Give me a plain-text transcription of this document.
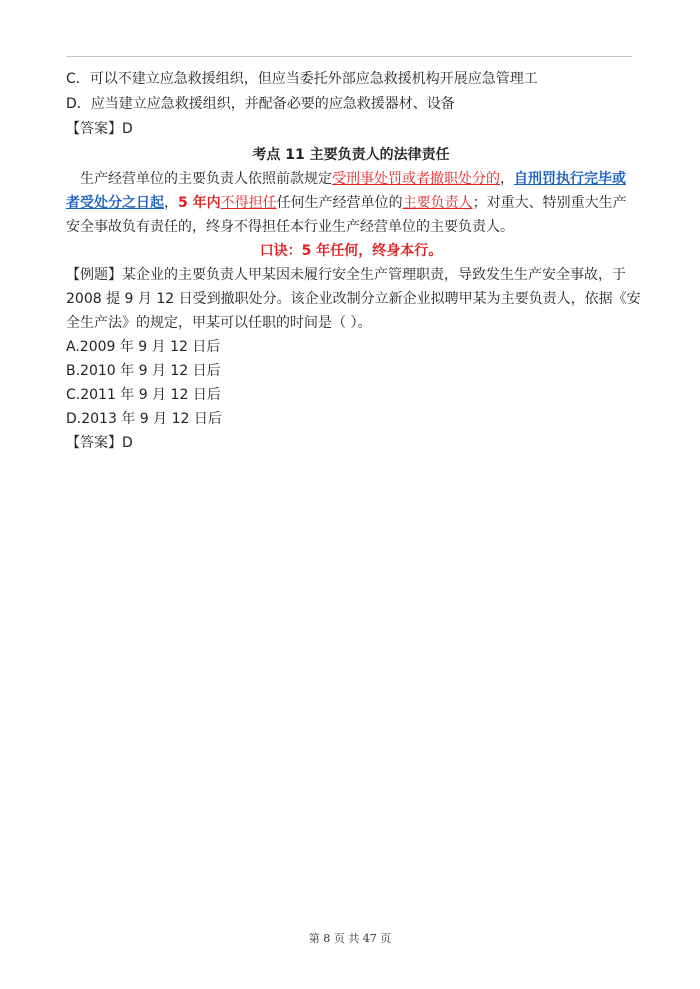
C．可以不建立应急救援组织，但应当委托外部应急救援机构开展应急管理工
D．应当建立应急救援组织，并配备必要的应急救援器材、设备
【答案】D
考点 11 主要负责人的法律责任
生产经营单位的主要负责人依照前款规定受刑事处罚或者撤职处分的，自刑罚执行完毕或
者受处分之日起，5 年内不得担任任何生产经营单位的主要负责人；对重大、特别重大生产
安全事故负有责任的，终身不得担任本行业生产经营单位的主要负责人。
口诀：5 年任何，终身本行。
【例题】某企业的主要负责人甲某因未履行安全生产管理职责，导致发生生产安全事故，于
2008 提 9 月 12 日受到撤职处分。该企业改制分立新企业拟聘甲某为主要负责人，依据《安
全生产法》的规定，甲某可以任职的时间是（ ）。
A.2009 年 9 月 12 日后
B.2010 年 9 月 12 日后
C.2011 年 9 月 12 日后
D.2013 年 9 月 12 日后
【答案】D
第 8 页 共 47 页
